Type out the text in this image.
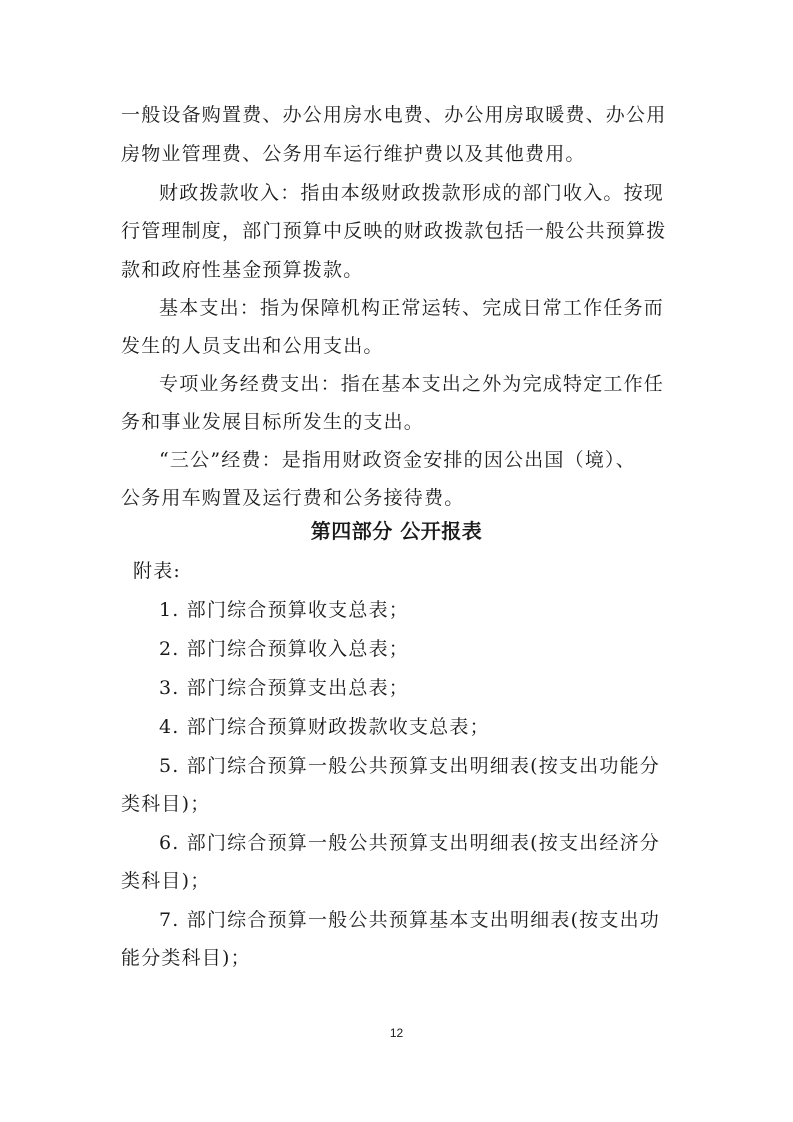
一般设备购置费、办公用房水电费、办公用房取暖费、办公用
房物业管理费、公务用车运行维护费以及其他费用。
财政拨款收入：指由本级财政拨款形成的部门收入。按现
行管理制度，部门预算中反映的财政拨款包括一般公共预算拨
款和政府性基金预算拨款。
基本支出：指为保障机构正常运转、完成日常工作任务而
发生的人员支出和公用支出。
专项业务经费支出：指在基本支出之外为完成特定工作任
务和事业发展目标所发生的支出。
“三公”经费：是指用财政资金安排的因公出国（境）、
公务用车购置及运行费和公务接待费。
第四部分 公开报表
附表:
1. 部门综合预算收支总表；
2. 部门综合预算收入总表；
3. 部门综合预算支出总表；
4. 部门综合预算财政拨款收支总表；
5. 部门综合预算一般公共预算支出明细表(按支出功能分
类科目)；
6. 部门综合预算一般公共预算支出明细表(按支出经济分
类科目)；
7. 部门综合预算一般公共预算基本支出明细表(按支出功
能分类科目)；
12
